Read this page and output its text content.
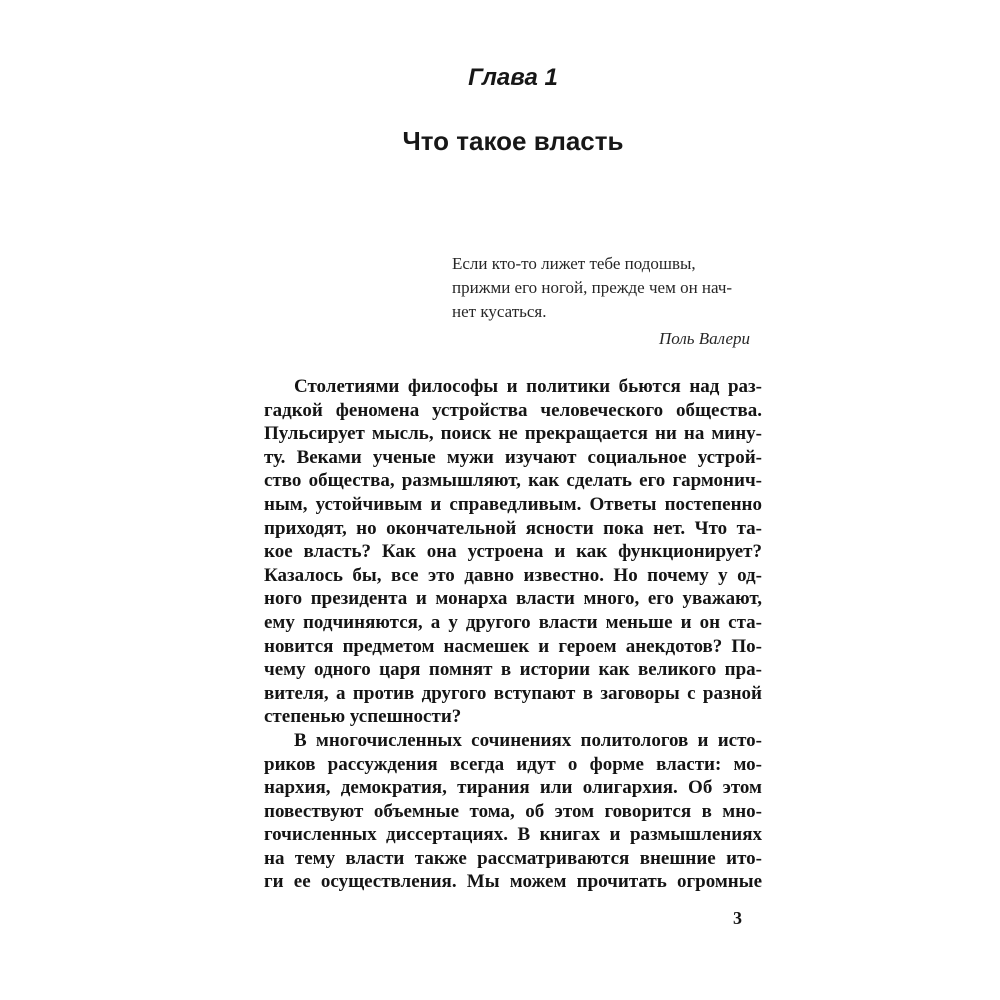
Глава 1
Что такое власть
Если кто-то лижет тебе подошвы,
прижми его ногой, прежде чем он нач-
нет кусаться.
Поль Валери
Столетиями философы и политики бьются над раз-
гадкой феномена устройства человеческого общества.
Пульсирует мысль, поиск не прекращается ни на мину-
ту. Веками ученые мужи изучают социальное устрой-
ство общества, размышляют, как сделать его гармонич-
ным, устойчивым и справедливым. Ответы постепенно
приходят, но окончательной ясности пока нет. Что та-
кое власть? Как она устроена и как функционирует?
Казалось бы, все это давно известно. Но почему у од-
ного президента и монарха власти много, его уважают,
ему подчиняются, а у другого власти меньше и он ста-
новится предметом насмешек и героем анекдотов? По-
чему одного царя помнят в истории как великого пра-
вителя, а против другого вступают в заговоры с разной
степенью успешности?
В многочисленных сочинениях политологов и исто-
риков рассуждения всегда идут о форме власти: мо-
нархия, демократия, тирания или олигархия. Об этом
повествуют объемные тома, об этом говорится в мно-
гочисленных диссертациях. В книгах и размышлениях
на тему власти также рассматриваются внешние ито-
ги ее осуществления. Мы можем прочитать огромные
3
